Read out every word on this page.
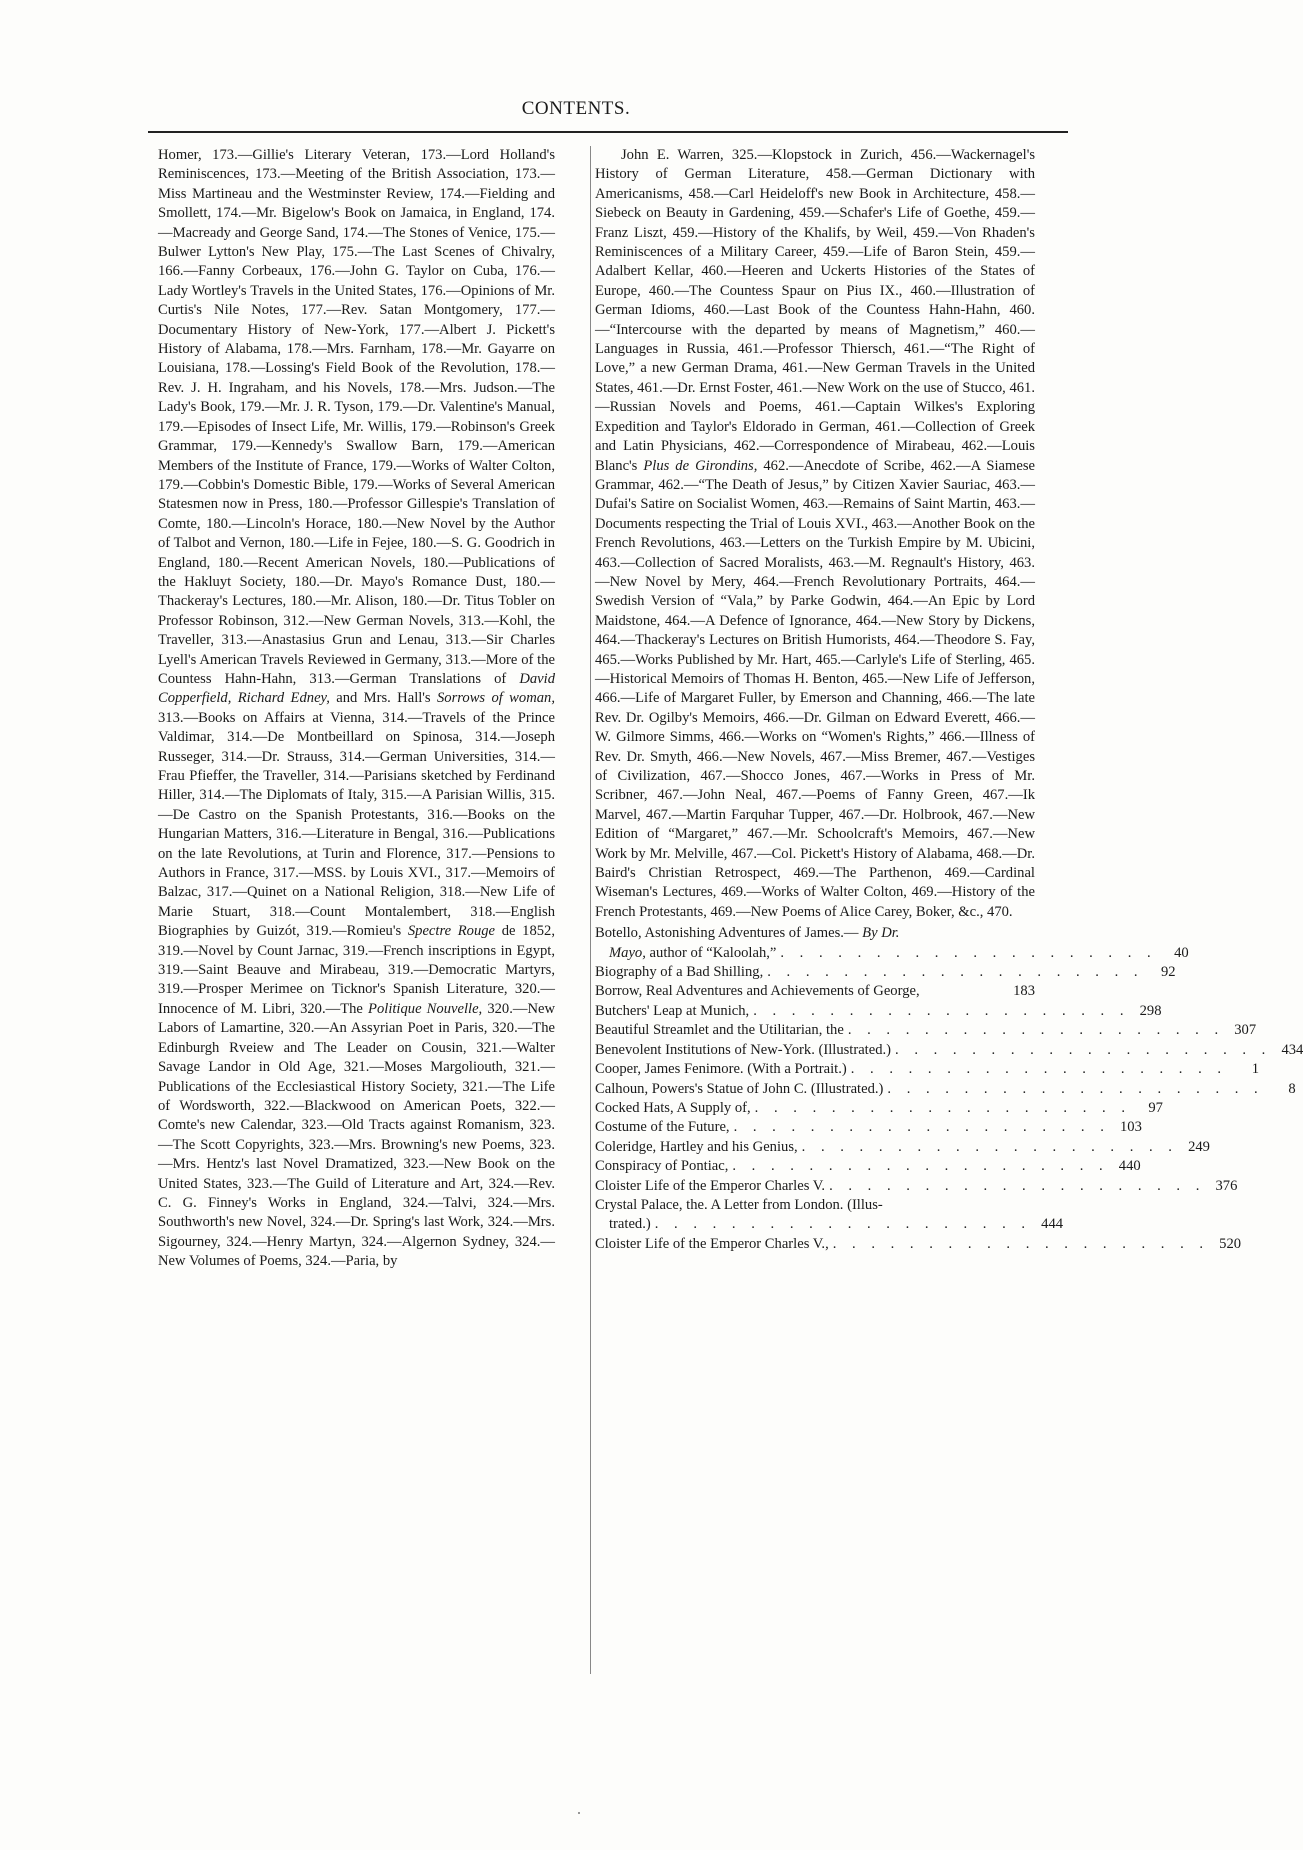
CONTENTS.

Homer, 173.—Gillie's Literary Veteran, 173.—Lord Holland's Reminiscences, 173.—Meeting of the British Association, 173.—Miss Martineau and the Westminster Review, 174.—Fielding and Smollett, 174.—Mr. Bigelow's Book on Jamaica, in England, 174.—Macready and George Sand, 174.—The Stones of Venice, 175.—Bulwer Lytton's New Play, 175.—The Last Scenes of Chivalry, 166.—Fanny Corbeaux, 176.—John G. Taylor on Cuba, 176.—Lady Wortley's Travels in the United States, 176.—Opinions of Mr. Curtis's Nile Notes, 177.—Rev. Satan Montgomery, 177.—Documentary History of New-York, 177.—Albert J. Pickett's History of Alabama, 178.—Mrs. Farnham, 178.—Mr. Gayarre on Louisiana, 178.—Lossing's Field Book of the Revolution, 178.—Rev. J. H. Ingraham, and his Novels, 178.—Mrs. Judson.—The Lady's Book, 179.—Mr. J. R. Tyson, 179.—Dr. Valentine's Manual, 179.—Episodes of Insect Life, Mr. Willis, 179.—Robinson's Greek Grammar, 179.—Kennedy's Swallow Barn, 179.—American Members of the Institute of France, 179.—Works of Walter Colton, 179.—Cobbin's Domestic Bible, 179.—Works of Several American Statesmen now in Press, 180.—Professor Gillespie's Translation of Comte, 180.—Lincoln's Horace, 180.—New Novel by the Author of Talbot and Vernon, 180.—Life in Fejee, 180.—S. G. Goodrich in England, 180.—Recent American Novels, 180.—Publications of the Hakluyt Society, 180.—Dr. Mayo's Romance Dust, 180.—Thackeray's Lectures, 180.—Mr. Alison, 180.—Dr. Titus Tobler on Professor Robinson, 312.—New German Novels, 313.—Kohl, the Traveller, 313.—Anastasius Grun and Lenau, 313.—Sir Charles Lyell's American Travels Reviewed in Germany, 313.—More of the Countess Hahn-Hahn, 313.—German Translations of David Copperfield, Richard Edney, and Mrs. Hall's Sorrows of woman, 313.—Books on Affairs at Vienna, 314.—Travels of the Prince Valdimar, 314.—De Montbeillard on Spinosa, 314.—Joseph Russeger, 314.—Dr. Strauss, 314.—German Universities, 314.—Frau Pfieffer, the Traveller, 314.—Parisians sketched by Ferdinand Hiller, 314.—The Diplomats of Italy, 315.—A Parisian Willis, 315.—De Castro on the Spanish Protestants, 316.—Books on the Hungarian Matters, 316.—Literature in Bengal, 316.—Publications on the late Revolutions, at Turin and Florence, 317.—Pensions to Authors in France, 317.—MSS. by Louis XVI., 317.—Memoirs of Balzac, 317.—Quinet on a National Religion, 318.—New Life of Marie Stuart, 318.—Count Montalembert, 318.—English Biographies by Guizót, 319.—Romieu's Spectre Rouge de 1852, 319.—Novel by Count Jarnac, 319.—French inscriptions in Egypt, 319.—Saint Beauve and Mirabeau, 319.—Democratic Martyrs, 319.—Prosper Merimee on Ticknor's Spanish Literature, 320.—Innocence of M. Libri, 320.—The Politique Nouvelle, 320.—New Labors of Lamartine, 320.—An Assyrian Poet in Paris, 320.—The Edinburgh Rveiew and The Leader on Cousin, 321.—Walter Savage Landor in Old Age, 321.—Moses Margoliouth, 321.—Publications of the Ecclesiastical History Society, 321.—The Life of Wordsworth, 322.—Blackwood on American Poets, 322.—Comte's new Calendar, 323.—Old Tracts against Romanism, 323.—The Scott Copyrights, 323.—Mrs. Browning's new Poems, 323.—Mrs. Hentz's last Novel Dramatized, 323.—New Book on the United States, 323.—The Guild of Literature and Art, 324.—Rev. C. G. Finney's Works in England, 324.—Talvi, 324.—Mrs. Southworth's new Novel, 324.—Dr. Spring's last Work, 324.—Mrs. Sigourney, 324.—Henry Martyn, 324.—Algernon Sydney, 324.—New Volumes of Poems, 324.—Paria, by

John E. Warren, 325.—Klopstock in Zurich, 456.—Wackernagel's History of German Literature, 458.—German Dictionary with Americanisms, 458.—Carl Heideloff's new Book in Architecture, 458.—Siebeck on Beauty in Gardening, 459.—Schafer's Life of Goethe, 459.—Franz Liszt, 459.—History of the Khalifs, by Weil, 459.—Von Rhaden's Reminiscences of a Military Career, 459.—Life of Baron Stein, 459.—Adalbert Kellar, 460.—Heeren and Uckerts Histories of the States of Europe, 460.—The Countess Spaur on Pius IX., 460.—Illustration of German Idioms, 460.—Last Book of the Countess Hahn-Hahn, 460.—“Intercourse with the departed by means of Magnetism,” 460.—Languages in Russia, 461.—Professor Thiersch, 461.—“The Right of Love,” a new German Drama, 461.—New German Travels in the United States, 461.—Dr. Ernst Foster, 461.—New Work on the use of Stucco, 461.—Russian Novels and Poems, 461.—Captain Wilkes's Exploring Expedition and Taylor's Eldorado in German, 461.—Collection of Greek and Latin Physicians, 462.—Correspondence of Mirabeau, 462.—Louis Blanc's Plus de Girondins, 462.—Anecdote of Scribe, 462.—A Siamese Grammar, 462.—“The Death of Jesus,” by Citizen Xavier Sauriac, 463.—Dufai's Satire on Socialist Women, 463.—Remains of Saint Martin, 463.—Documents respecting the Trial of Louis XVI., 463.—Another Book on the French Revolutions, 463.—Letters on the Turkish Empire by M. Ubicini, 463.—Collection of Sacred Moralists, 463.—M. Regnault's History, 463.—New Novel by Mery, 464.—French Revolutionary Portraits, 464.—Swedish Version of “Vala,” by Parke Godwin, 464.—An Epic by Lord Maidstone, 464.—A Defence of Ignorance, 464.—New Story by Dickens, 464.—Thackeray's Lectures on British Humorists, 464.—Theodore S. Fay, 465.—Works Published by Mr. Hart, 465.—Carlyle's Life of Sterling, 465.—Historical Memoirs of Thomas H. Benton, 465.—New Life of Jefferson, 466.—Life of Margaret Fuller, by Emerson and Channing, 466.—The late Rev. Dr. Ogilby's Memoirs, 466.—Dr. Gilman on Edward Everett, 466.—W. Gilmore Simms, 466.—Works on “Women's Rights,” 466.—Illness of Rev. Dr. Smyth, 466.—New Novels, 467.—Miss Bremer, 467.—Vestiges of Civilization, 467.—Shocco Jones, 467.—Works in Press of Mr. Scribner, 467.—John Neal, 467.—Poems of Fanny Green, 467.—Ik Marvel, 467.—Martin Farquhar Tupper, 467.—Dr. Holbrook, 467.—New Edition of “Margaret,” 467.—Mr. Schoolcraft's Memoirs, 467.—New Work by Mr. Melville, 467.—Col. Pickett's History of Alabama, 468.—Dr. Baird's Christian Retrospect, 469.—The Parthenon, 469.—Cardinal Wiseman's Lectures, 469.—Works of Walter Colton, 469.—History of the French Protestants, 469.—New Poems of Alice Carey, Boker, &c., 470.

Botello, Astonishing Adventures of James.— By Dr.
Mayo, author of “Kaloolah,” . . . . . . . . . . . . . . . . . . . .	40
Biography of a Bad Shilling, . . . . . . . . . . . . . . . . . . . .	92
Borrow, Real Adventures and Achievements of George,	183
Butchers' Leap at Munich, . . . . . . . . . . . . . . . . . . . . 298
Beautiful Streamlet and the Utilitarian, the . . . . . . . . . . . . . . . . . . . . 307
Benevolent Institutions of New-York. (Illustrated.) . . . . . . . . . . . . . . . . . . . . 434
Cooper, James Fenimore. (With a Portrait.) . . . . . . . . . . . . . . . . . . . .	1
Calhoun, Powers's Statue of John C. (Illustrated.) . . . . . . . . . . . . . . . . . . . .	8
Cocked Hats, A Supply of, . . . . . . . . . . . . . . . . . . . .	97
Costume of the Future, . . . . . . . . . . . . . . . . . . . . 103
Coleridge, Hartley and his Genius, . . . . . . . . . . . . . . . . . . . . 249
Conspiracy of Pontiac, . . . . . . . . . . . . . . . . . . . . 440
Cloister Life of the Emperor Charles V. . . . . . . . . . . . . . . . . . . . . 376
Crystal Palace, the. A Letter from London. (Illus-
trated.) . . . . . . . . . . . . . . . . . . . . 444
Cloister Life of the Emperor Charles V., . . . . . . . . . . . . . . . . . . . . 520
